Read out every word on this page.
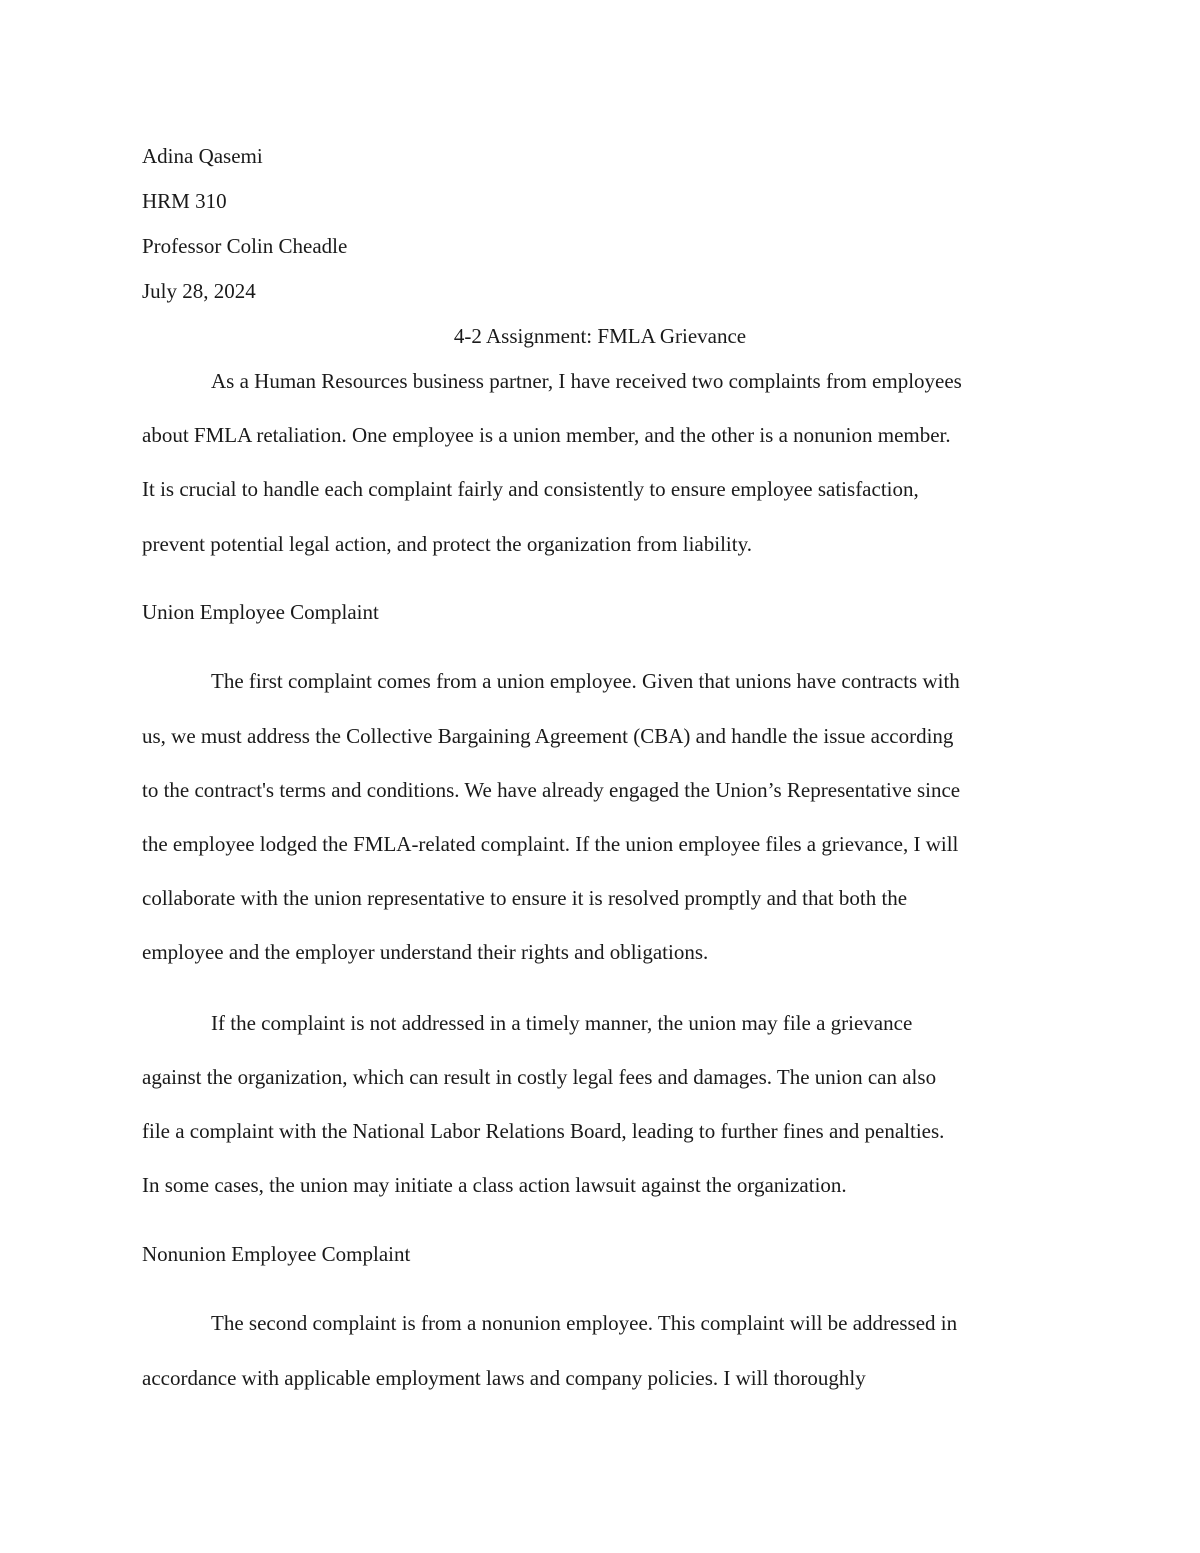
Adina Qasemi
HRM 310
Professor Colin Cheadle
July 28, 2024
4-2 Assignment: FMLA Grievance
As a Human Resources business partner, I have received two complaints from employees
about FMLA retaliation. One employee is a union member, and the other is a nonunion member.
It is crucial to handle each complaint fairly and consistently to ensure employee satisfaction,
prevent potential legal action, and protect the organization from liability.
Union Employee Complaint
The first complaint comes from a union employee. Given that unions have contracts with
us, we must address the Collective Bargaining Agreement (CBA) and handle the issue according
to the contract's terms and conditions. We have already engaged the Union’s Representative since
the employee lodged the FMLA-related complaint. If the union employee files a grievance, I will
collaborate with the union representative to ensure it is resolved promptly and that both the
employee and the employer understand their rights and obligations.
If the complaint is not addressed in a timely manner, the union may file a grievance
against the organization, which can result in costly legal fees and damages. The union can also
file a complaint with the National Labor Relations Board, leading to further fines and penalties.
In some cases, the union may initiate a class action lawsuit against the organization.
Nonunion Employee Complaint
The second complaint is from a nonunion employee. This complaint will be addressed in
accordance with applicable employment laws and company policies. I will thoroughly
